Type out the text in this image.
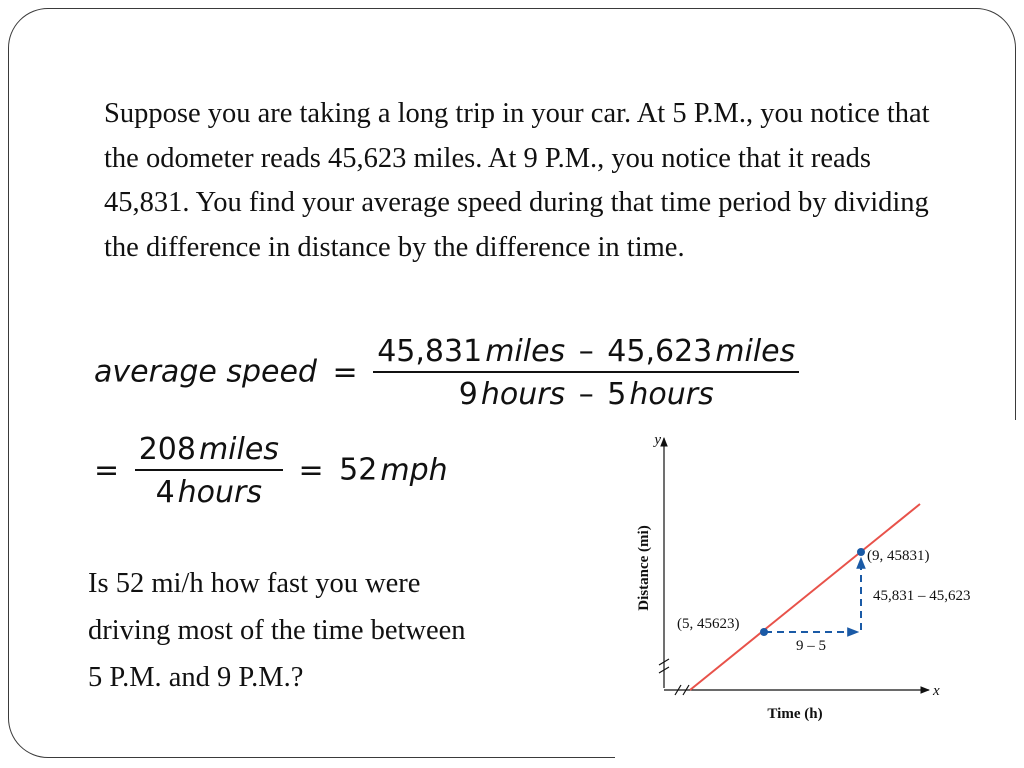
Suppose you are taking a long trip in your car. At 5 P.M., you notice that the odometer reads 45,623 miles. At 9 P.M., you notice that it reads 45,831. You find your average speed during that time period by dividing the difference in distance by the difference in time.

average speed = $\frac{\text{45,831 miles – 45,623 miles}}{\text{9 hours – 5 hours}}$
= $\frac{\text{208 miles}}{\text{4 hours}} = 52$ mph
Is 52 mi/h how fast you were
driving most of the time between
5 P.M. and 9 P.M.?
y
x
Distance (mi)
Time (h)
(5, 45623)
(9, 45831)
9 – 5
45,831 – 45,623
